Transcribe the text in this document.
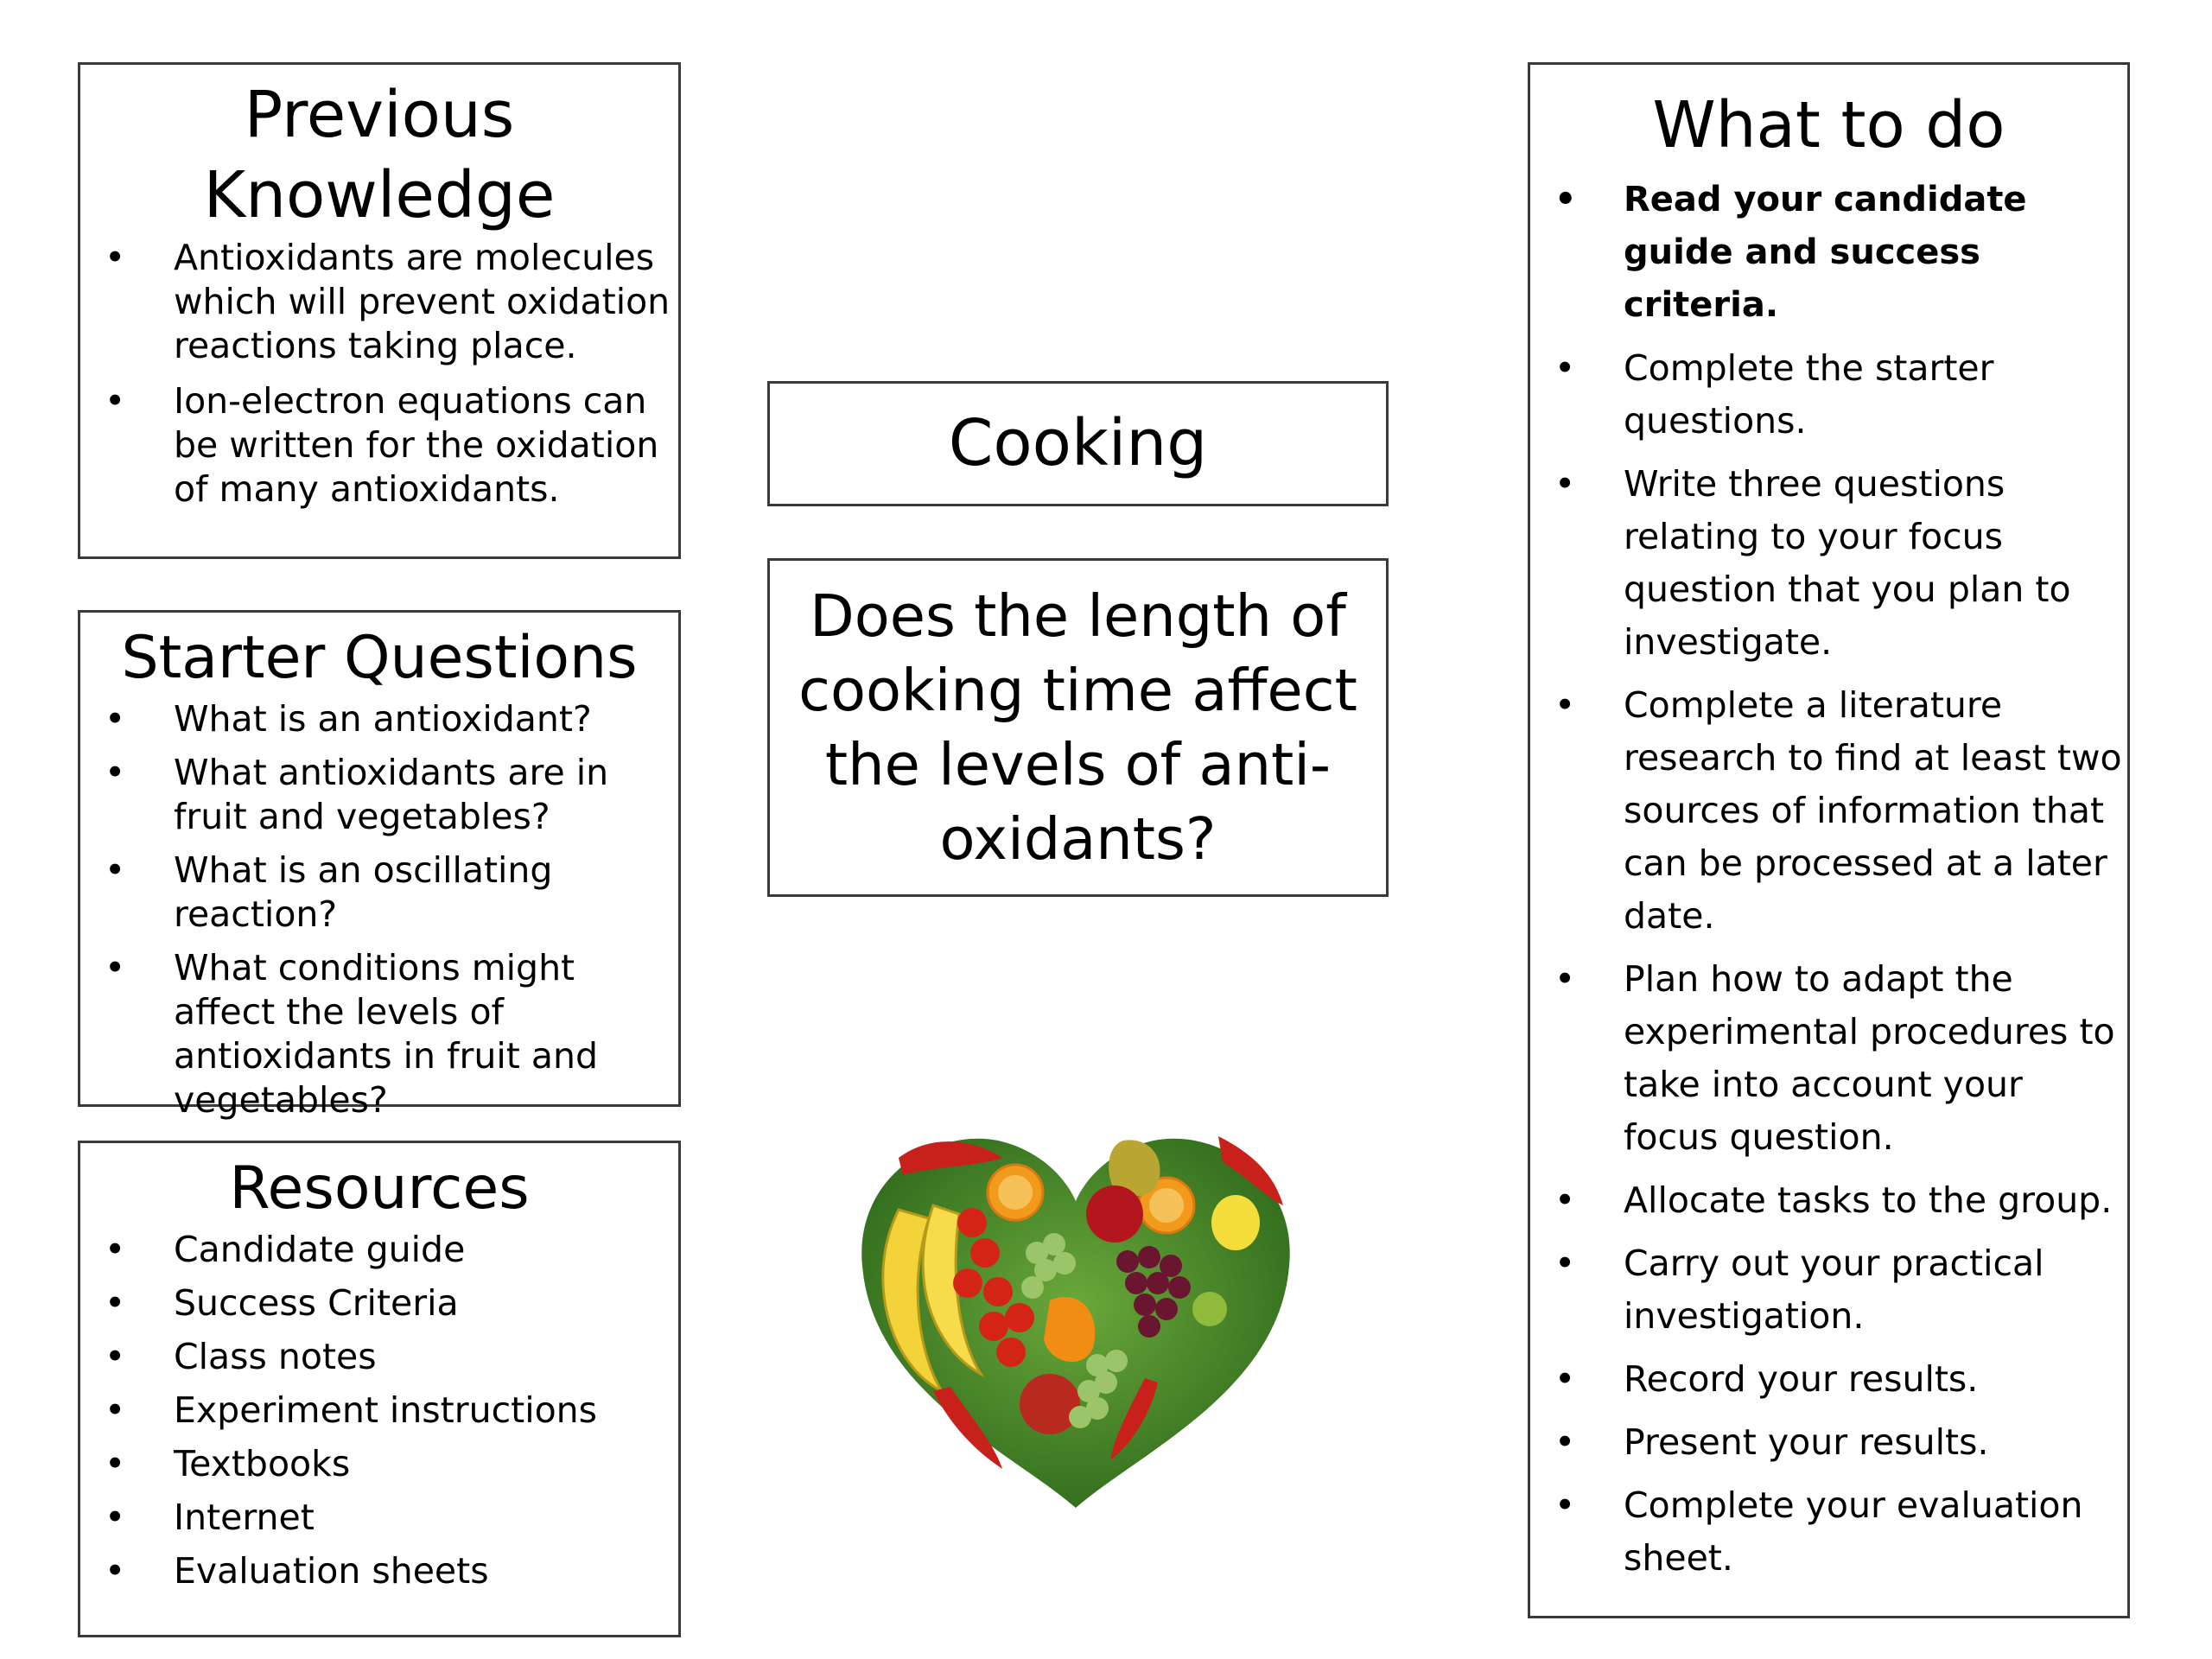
Previous Knowledge
• Antioxidants are molecules which will prevent oxidation reactions taking place.
• Ion-electron equations can be written for the oxidation of many antioxidants.
Starter Questions
• What is an antioxidant?
• What antioxidants are in fruit and vegetables?
• What is an oscillating reaction?
• What conditions might affect the levels of antioxidants in fruit and vegetables?
Resources
• Candidate guide
• Success Criteria
• Class notes
• Experiment instructions
• Textbooks
• Internet
• Evaluation sheets
Cooking
Does the length of cooking time affect the levels of anti-oxidants?
What to do
• Read your candidate guide and success criteria.
• Complete the starter questions.
• Write three questions relating to your focus question that you plan to investigate.
• Complete a literature research to find at least two sources of information that can be processed at a later date.
• Plan how to adapt the experimental procedures to take into account your focus question.
• Allocate tasks to the group.
• Carry out your practical investigation.
• Record your results.
• Present your results.
• Complete your evaluation sheet.
